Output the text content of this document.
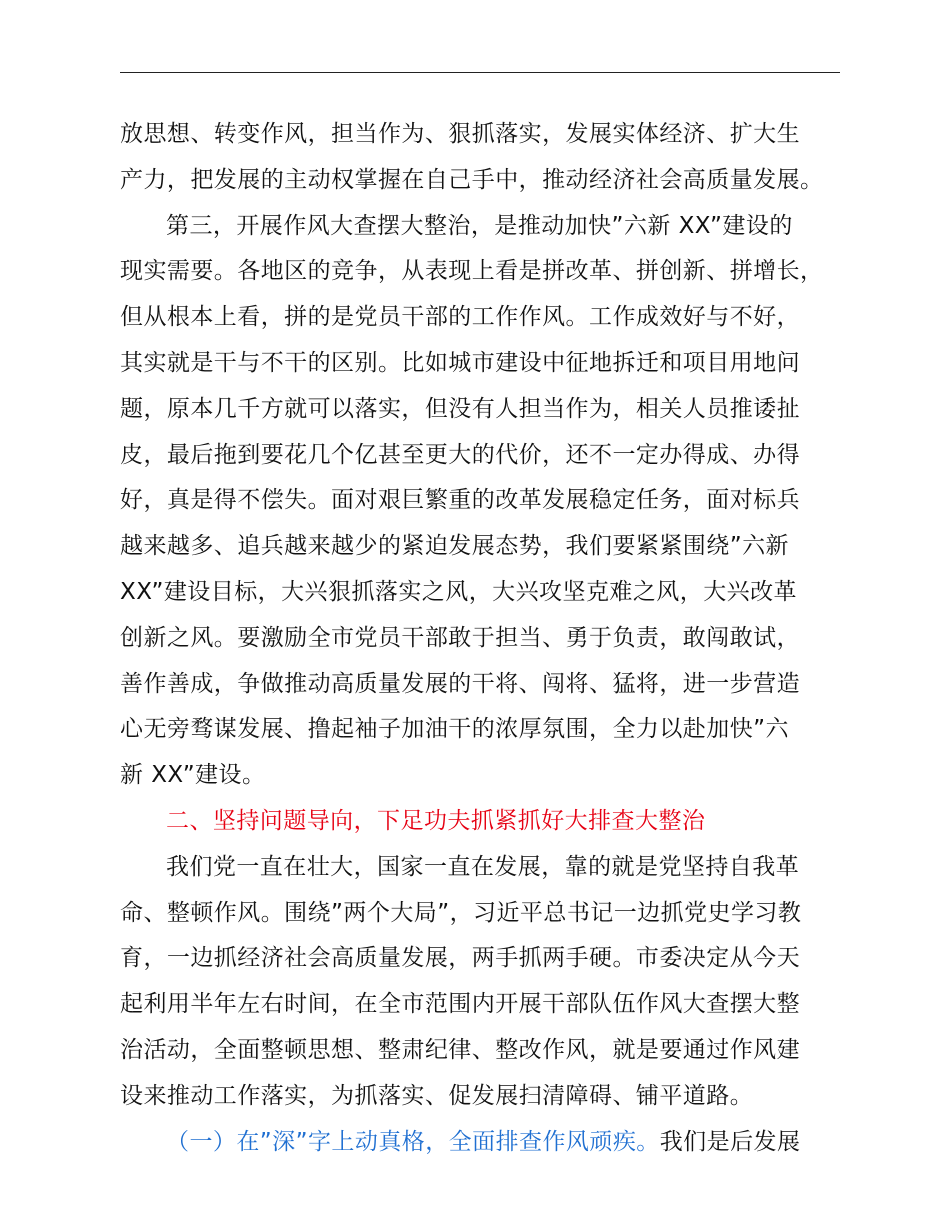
放思想、转变作风，担当作为、狠抓落实，发展实体经济、扩大生
产力，把发展的主动权掌握在自己手中，推动经济社会高质量发展。
第三，开展作风大查摆大整治，是推动加快”六新 XX”建设的
现实需要。各地区的竞争，从表现上看是拼改革、拼创新、拼增长，
但从根本上看，拼的是党员干部的工作作风。工作成效好与不好，
其实就是干与不干的区别。比如城市建设中征地拆迁和项目用地问
题，原本几千方就可以落实，但没有人担当作为，相关人员推诿扯
皮，最后拖到要花几个亿甚至更大的代价，还不一定办得成、办得
好，真是得不偿失。面对艰巨繁重的改革发展稳定任务，面对标兵
越来越多、追兵越来越少的紧迫发展态势，我们要紧紧围绕”六新
XX”建设目标，大兴狠抓落实之风，大兴攻坚克难之风，大兴改革
创新之风。要激励全市党员干部敢于担当、勇于负责，敢闯敢试，
善作善成，争做推动高质量发展的干将、闯将、猛将，进一步营造
心无旁骛谋发展、撸起袖子加油干的浓厚氛围，全力以赴加快”六
新 XX”建设。
二、坚持问题导向，下足功夫抓紧抓好大排查大整治
我们党一直在壮大，国家一直在发展，靠的就是党坚持自我革
命、整顿作风。围绕”两个大局”，习近平总书记一边抓党史学习教
育，一边抓经济社会高质量发展，两手抓两手硬。市委决定从今天
起利用半年左右时间，在全市范围内开展干部队伍作风大查摆大整
治活动，全面整顿思想、整肃纪律、整改作风，就是要通过作风建
设来推动工作落实，为抓落实、促发展扫清障碍、铺平道路。
（一）在”深”字上动真格，全面排查作风顽疾。我们是后发展
